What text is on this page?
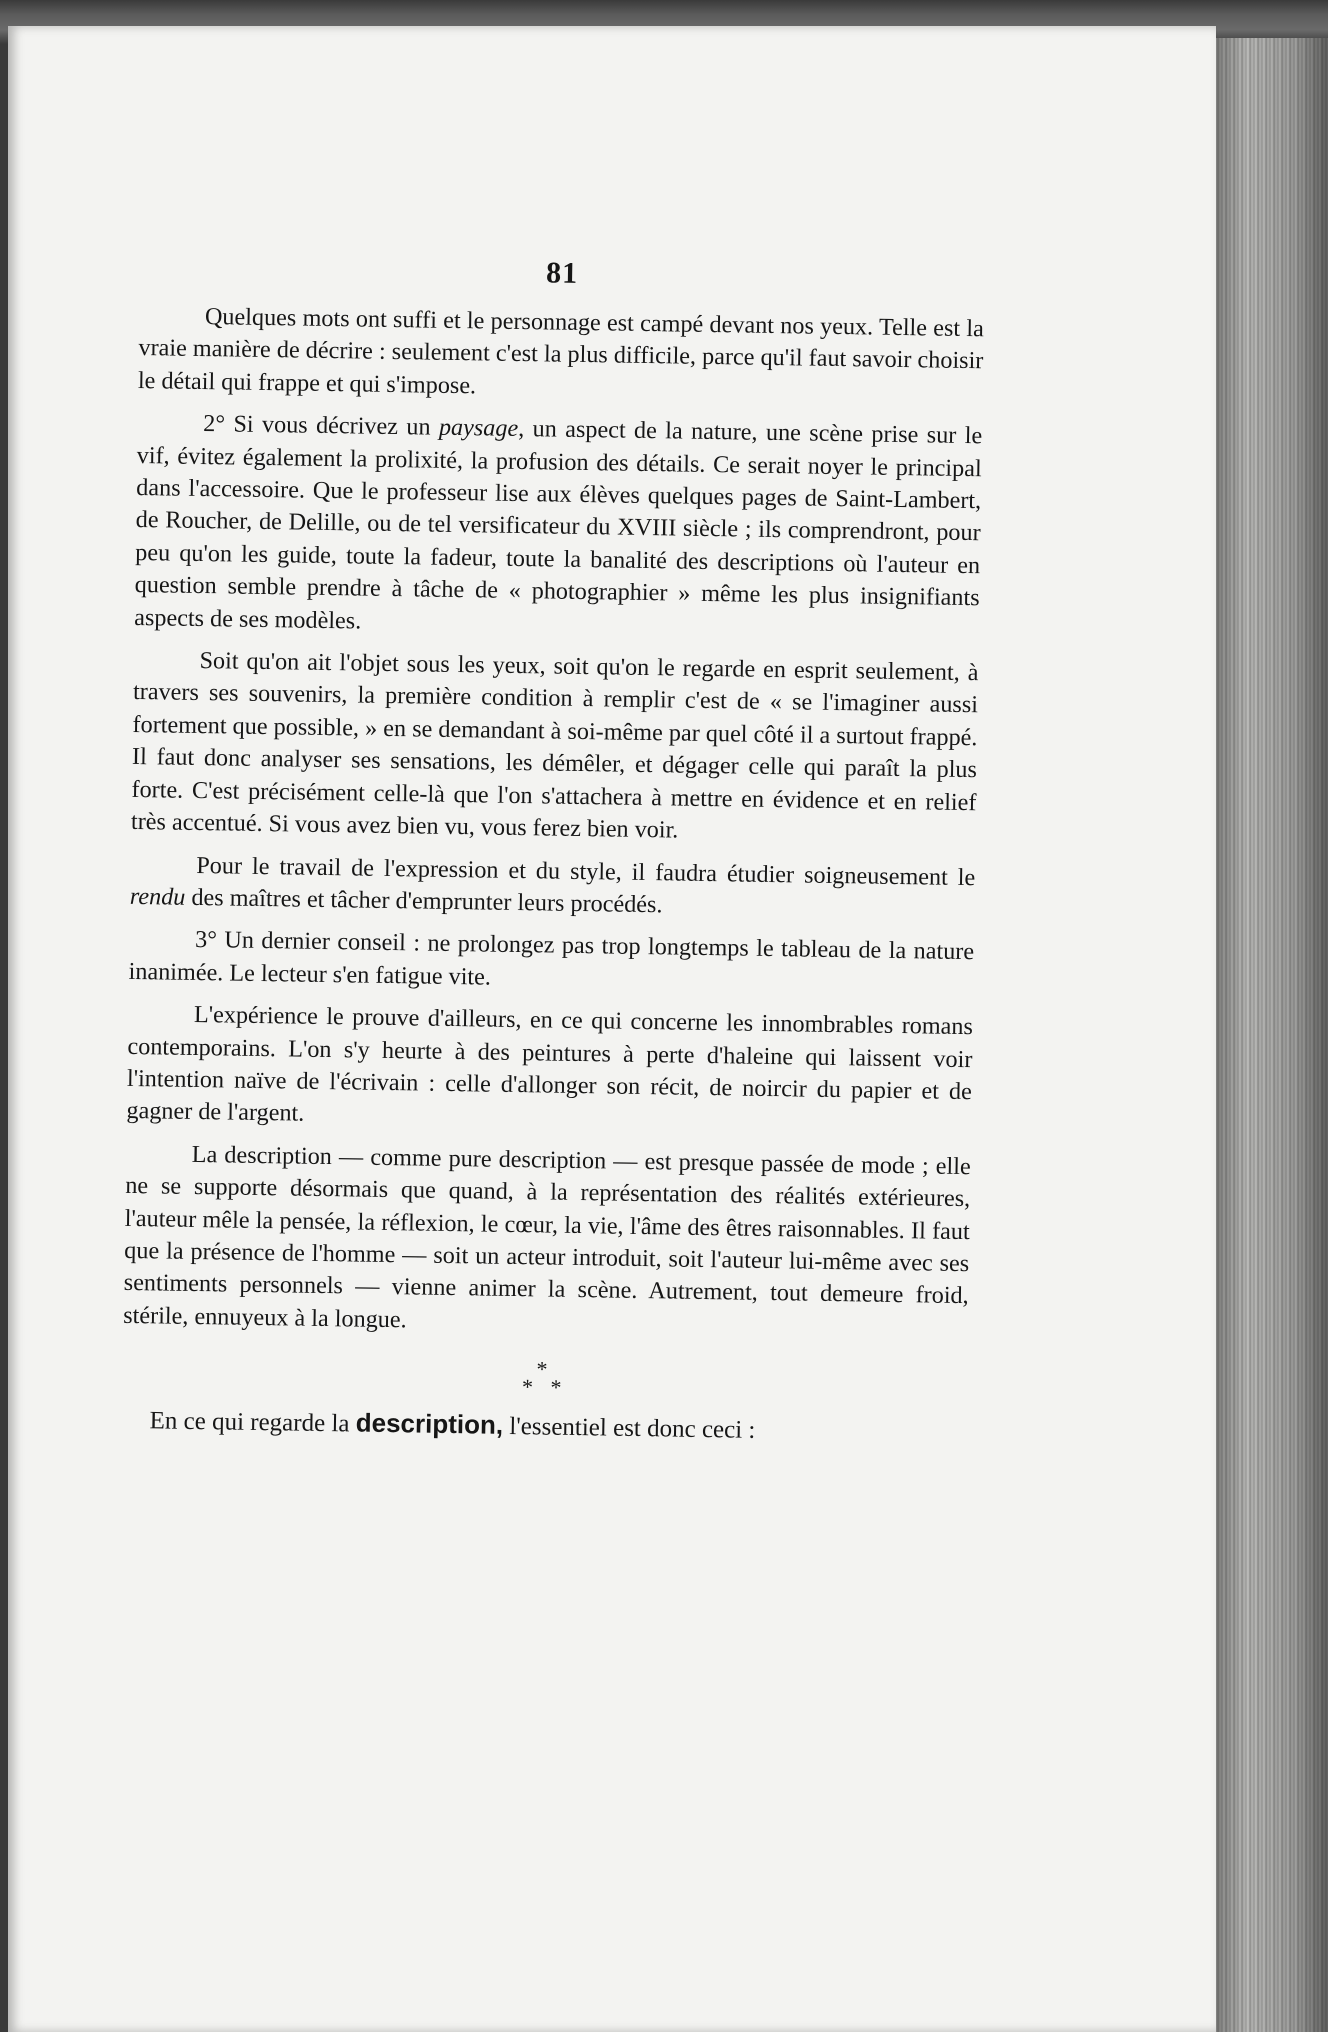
81

Quelques mots ont suffi et le personnage est campé devant nos yeux. Telle est la vraie manière de décrire : seulement c'est la plus difficile, parce qu'il faut savoir choisir le détail qui frappe et qui s'impose.

2° Si vous décrivez un paysage, un aspect de la nature, une scène prise sur le vif, évitez également la prolixité, la profusion des détails. Ce serait noyer le principal dans l'accessoire. Que le professeur lise aux élèves quelques pages de Saint-Lambert, de Roucher, de Delille, ou de tel versificateur du XVIII siècle ; ils comprendront, pour peu qu'on les guide, toute la fadeur, toute la banalité des descriptions où l'auteur en question semble prendre à tâche de « photographier » même les plus insignifiants aspects de ses modèles.

Soit qu'on ait l'objet sous les yeux, soit qu'on le regarde en esprit seulement, à travers ses souvenirs, la première condition à remplir c'est de « se l'imaginer aussi fortement que possible, » en se demandant à soi-même par quel côté il a surtout frappé. Il faut donc analyser ses sensations, les démêler, et dégager celle qui paraît la plus forte. C'est précisément celle-là que l'on s'attachera à mettre en évidence et en relief très accentué. Si vous avez bien vu, vous ferez bien voir.

Pour le travail de l'expression et du style, il faudra étudier soigneusement le rendu des maîtres et tâcher d'emprunter leurs procédés.

3° Un dernier conseil : ne prolongez pas trop longtemps le tableau de la nature inanimée. Le lecteur s'en fatigue vite.

L'expérience le prouve d'ailleurs, en ce qui concerne les innombrables romans contemporains. L'on s'y heurte à des peintures à perte d'haleine qui laissent voir l'intention naïve de l'écrivain : celle d'allonger son récit, de noircir du papier et de gagner de l'argent.

La description — comme pure description — est presque passée de mode ; elle ne se supporte désormais que quand, à la représentation des réalités extérieures, l'auteur mêle la pensée, la réflexion, le cœur, la vie, l'âme des êtres raisonnables. Il faut que la présence de l'homme — soit un acteur introduit, soit l'auteur lui-même avec ses sentiments personnels — vienne animer la scène. Autrement, tout demeure froid, stérile, ennuyeux à la longue.

*
* *

En ce qui regarde la description, l'essentiel est donc ceci :
